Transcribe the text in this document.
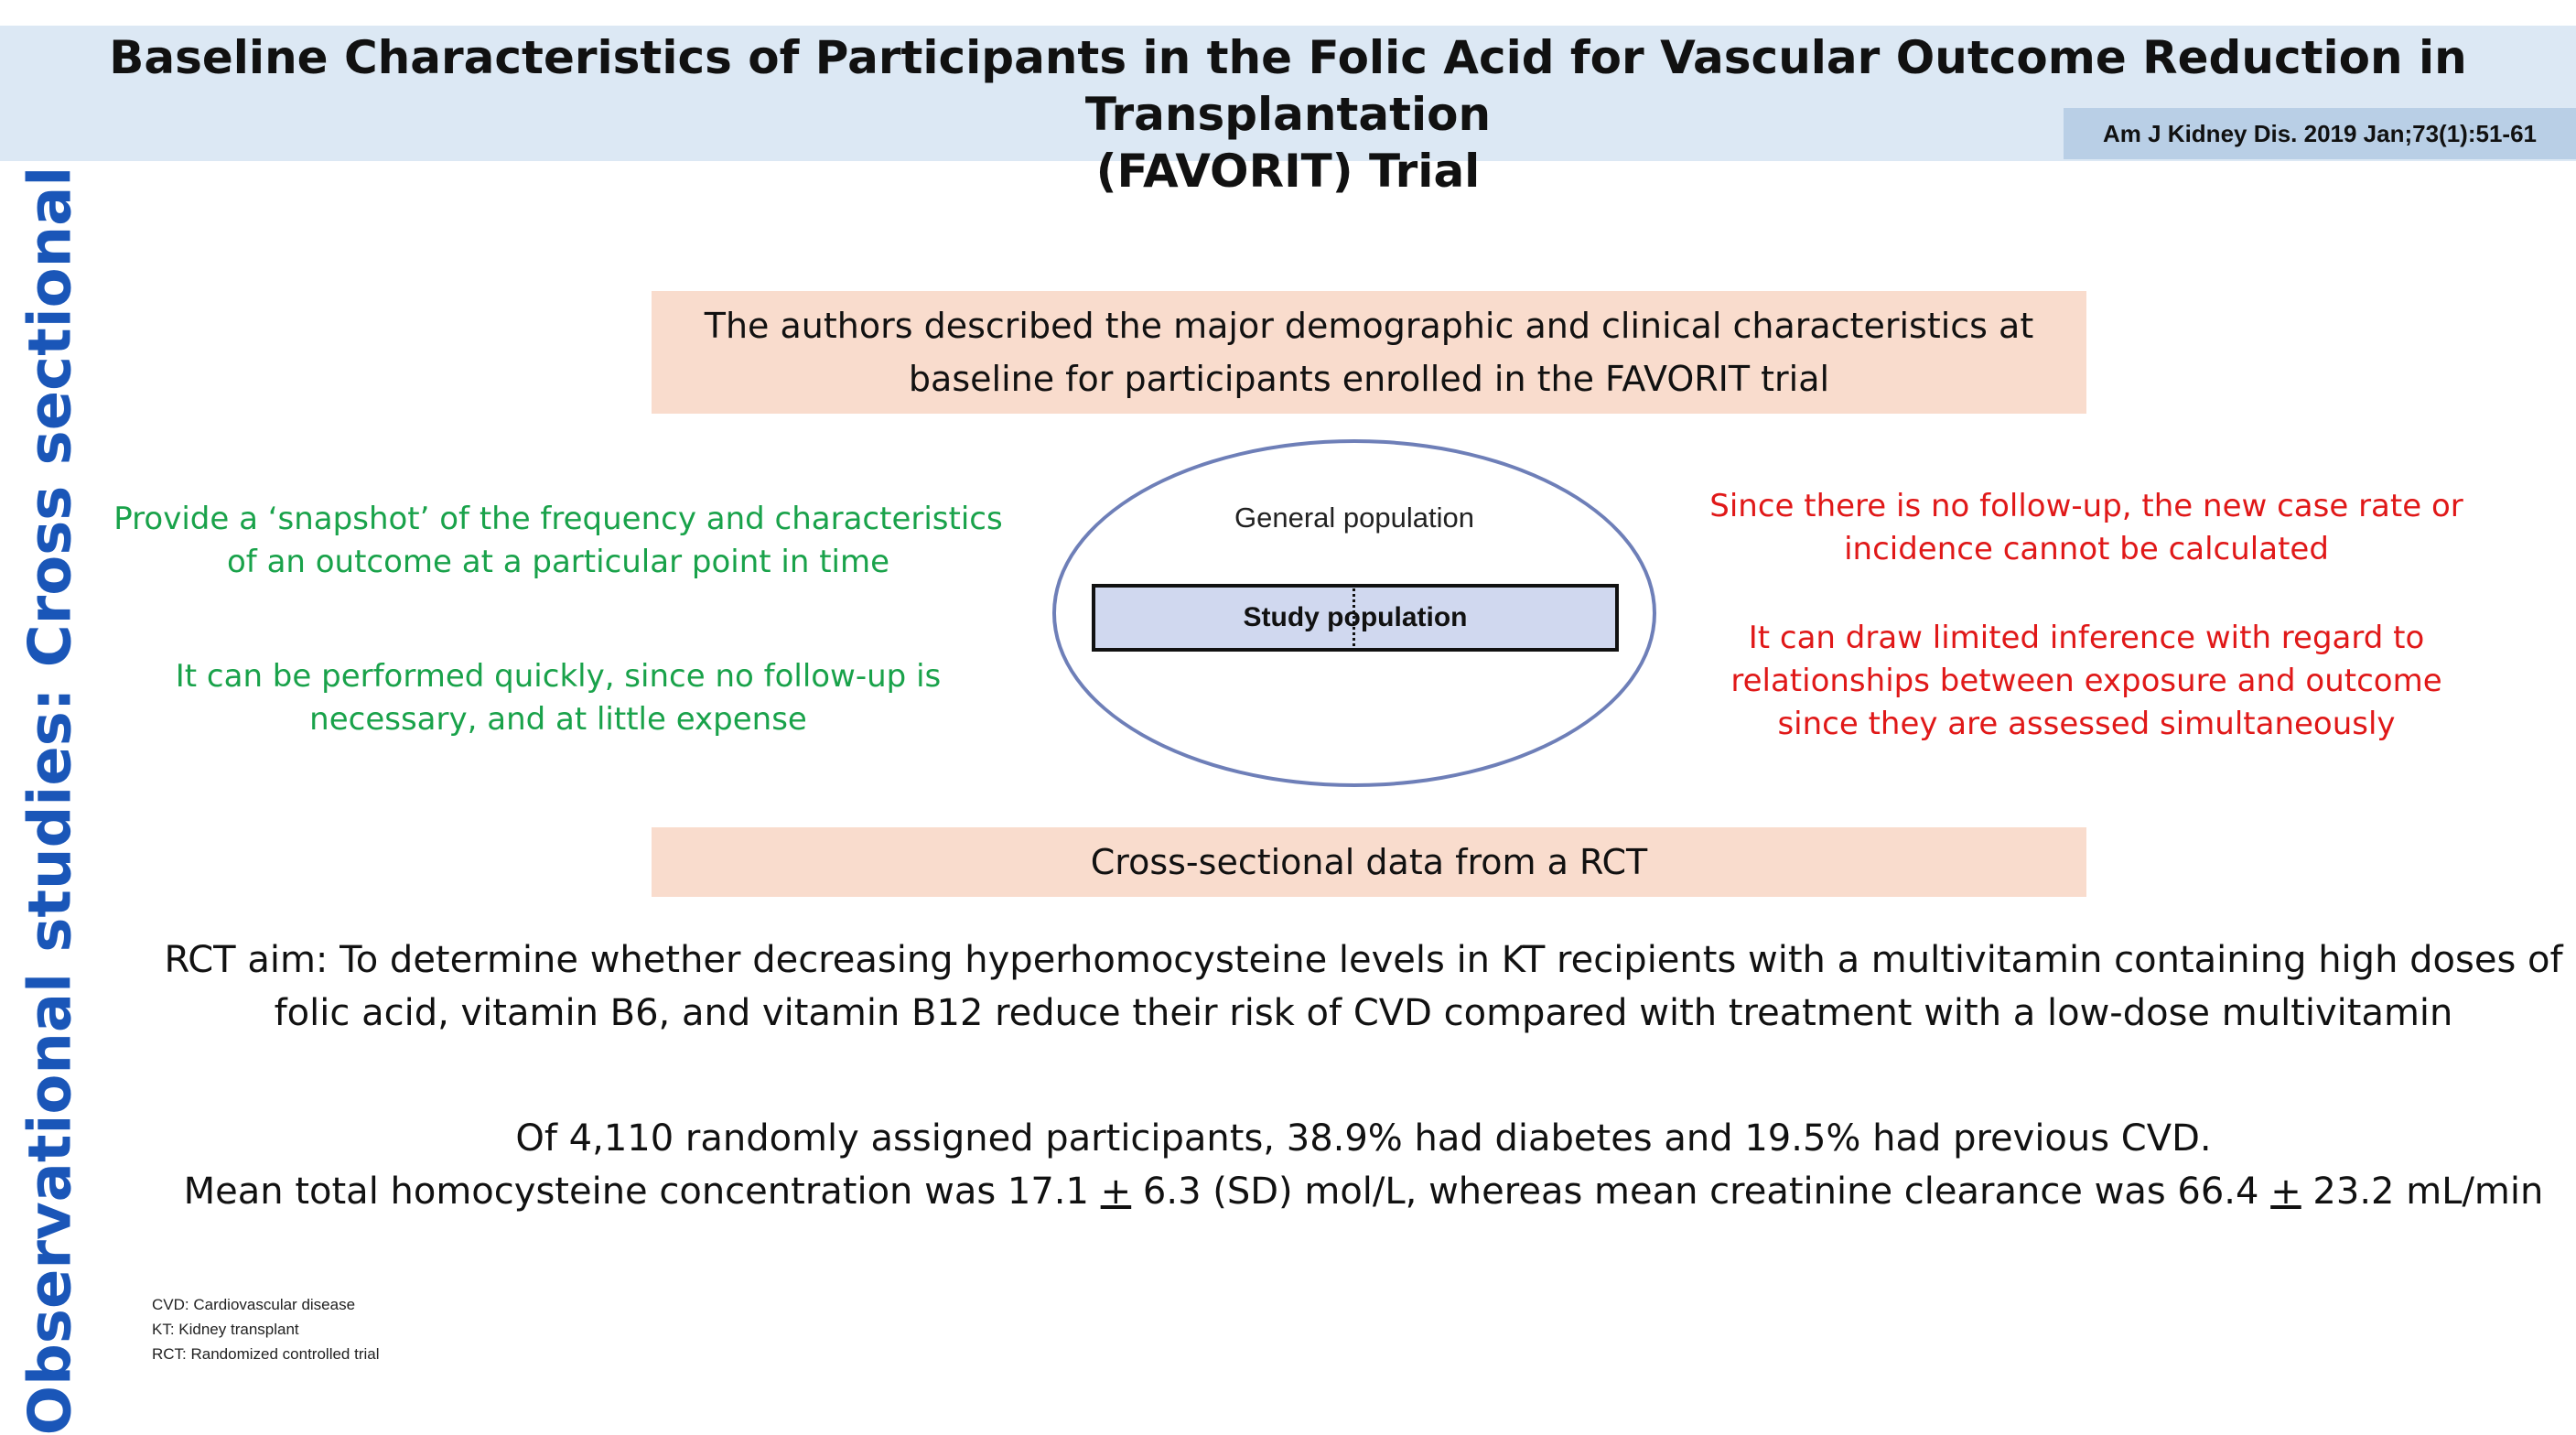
Baseline Characteristics of Participants in the Folic Acid for Vascular Outcome Reduction in Transplantation
(FAVORIT) Trial
Am J Kidney Dis. 2019 Jan;73(1):51-61
Observational studies: Cross sectional	The authors described the major demographic and clinical characteristics at
baseline for participants enrolled in the FAVORIT trial
Provide a ‘snapshot’ of the frequency and characteristics
of an outcome at a particular point in time
It can be performed quickly, since no follow-up is
necessary, and at little expense
General population
Study population
Since there is no follow-up, the new case rate or
incidence cannot be calculated
It can draw limited inference with regard to
relationships between exposure and outcome
since they are assessed simultaneously
Cross-sectional data from a RCT
RCT aim: To determine whether decreasing hyperhomocysteine levels in KT recipients with a multivitamin containing high doses of
folic acid, vitamin B6, and vitamin B12 reduce their risk of CVD compared with treatment with a low-dose multivitamin
Of 4,110 randomly assigned participants, 38.9% had diabetes and 19.5% had previous CVD.
Mean total homocysteine concentration was 17.1 + 6.3 (SD) mol/L, whereas mean creatinine clearance was 66.4 + 23.2 mL/min
CVD: Cardiovascular disease
KT: Kidney transplant
RCT: Randomized controlled trial
